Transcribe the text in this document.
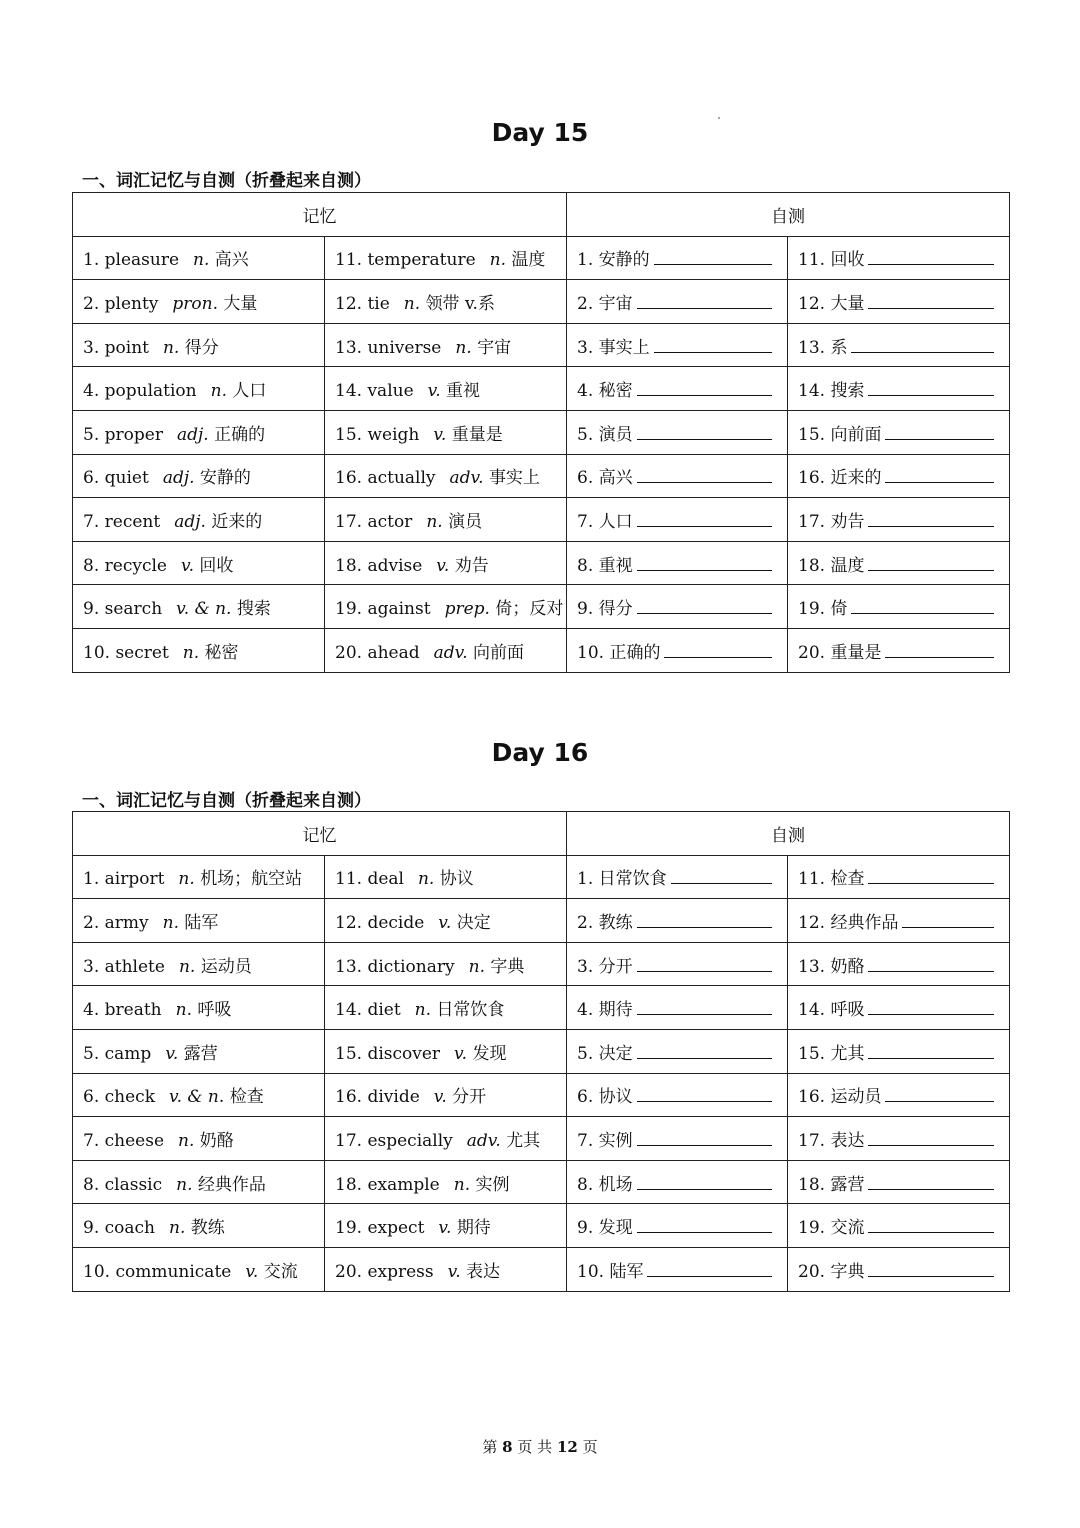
Day 15
一、词汇记忆与自测（折叠起来自测）
记忆		自测	
1. pleasure n. 高兴	11. temperature n. 温度	1. 安静的	11. 回收
2. plenty pron. 大量	12. tie n. 领带 v.系	2. 宇宙	12. 大量
3. point n. 得分	13. universe n. 宇宙	3. 事实上	13. 系
4. population n. 人口	14. value v. 重视	4. 秘密	14. 搜索
5. proper adj. 正确的	15. weigh v. 重量是	5. 演员	15. 向前面
6. quiet adj. 安静的	16. actually adv. 事实上	6. 高兴	16. 近来的
7. recent adj. 近来的	17. actor n. 演员	7. 人口	17. 劝告
8. recycle v. 回收	18. advise v. 劝告	8. 重视	18. 温度
9. search v. & n. 搜索	19. against prep. 倚；反对	9. 得分	19. 倚
10. secret n. 秘密	20. ahead adv. 向前面	10. 正确的	20. 重量是
Day 16
一、词汇记忆与自测（折叠起来自测）
记忆		自测	
1. airport n. 机场；航空站	11. deal n. 协议	1. 日常饮食	11. 检查
2. army n. 陆军	12. decide v. 决定	2. 教练	12. 经典作品
3. athlete n. 运动员	13. dictionary n. 字典	3. 分开	13. 奶酪
4. breath n. 呼吸	14. diet n. 日常饮食	4. 期待	14. 呼吸
5. camp v. 露营	15. discover v. 发现	5. 决定	15. 尤其
6. check v. & n. 检查	16. divide v. 分开	6. 协议	16. 运动员
7. cheese n. 奶酪	17. especially adv. 尤其	7. 实例	17. 表达
8. classic n. 经典作品	18. example n. 实例	8. 机场	18. 露营
9. coach n. 教练	19. expect v. 期待	9. 发现	19. 交流
10. communicate v. 交流	20. express v. 表达	10. 陆军	20. 字典
第 8 页 共 12 页
